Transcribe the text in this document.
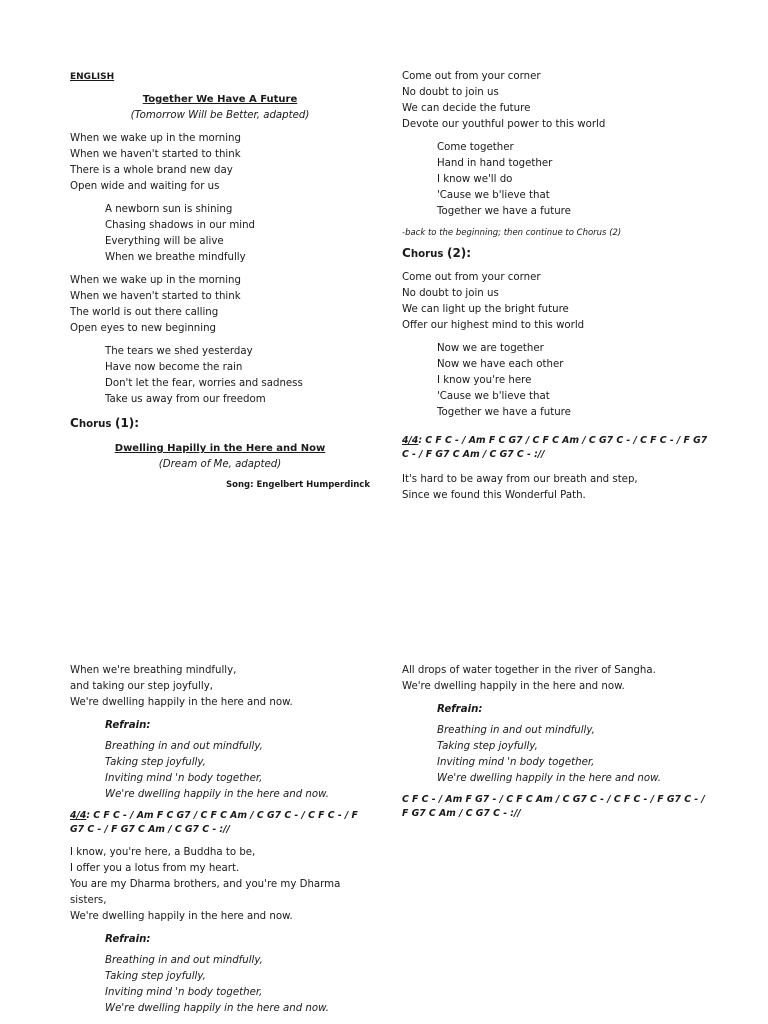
ENGLISH
Together We Have A Future
(Tomorrow Will be Better, adapted)
When we wake up in the morning
When we haven't started to think
There is a whole brand new day
Open wide and waiting for us
A newborn sun is shining
Chasing shadows in our mind
Everything will be alive
When we breathe mindfully
When we wake up in the morning
When we haven't started to think
The world is out there calling
Open eyes to new beginning
The tears we shed yesterday
Have now become the rain
Don't let the fear, worries and sadness
Take us away from our freedom
Chorus (1):
Dwelling Hapilly in the Here and Now
(Dream of Me, adapted)
Song: Engelbert Humperdinck
Come out from your corner
No doubt to join us
We can decide the future
Devote our youthful power to this world
Come together
Hand in hand together
I know we'll do
'Cause we b'lieve that
Together we have a future
-back to the beginning; then continue to Chorus (2)
Chorus (2):
Come out from your corner
No doubt to join us
We can light up the bright future
Offer our highest mind to this world
Now we are together
Now we have each other
I know you're here
'Cause we b'lieve that
Together we have a future
4/4: C F C - / Am F C G7 / C F C Am / C G7 C - / C F C - / F G7 C - / F G7 C Am / C G7 C - ://
It's hard to be away from our breath and step,
Since we found this Wonderful Path.
When we're breathing mindfully,
and taking our step joyfully,
We're dwelling happily in the here and now.
Refrain:
Breathing in and out mindfully,
Taking step joyfully,
Inviting mind 'n body together,
We're dwelling happily in the here and now.
4/4: C F C - / Am F C G7 / C F C Am / C G7 C - / C F C - / F G7 C - / F G7 C Am / C G7 C - ://
I know, you're here, a Buddha to be,
I offer you a lotus from my heart.
You are my Dharma brothers, and you're my Dharma
sisters,
We're dwelling happily in the here and now.
Refrain:
Breathing in and out mindfully,
Taking step joyfully,
Inviting mind 'n body together,
We're dwelling happily in the here and now.
All drops of water together in the river of Sangha.
We're dwelling happily in the here and now.
Refrain:
Breathing in and out mindfully,
Taking step joyfully,
Inviting mind 'n body together,
We're dwelling happily in the here and now.
C F C - / Am F G7 - / C F C Am / C G7 C - / C F C - / F G7 C - / F G7 C Am / C G7 C - ://
